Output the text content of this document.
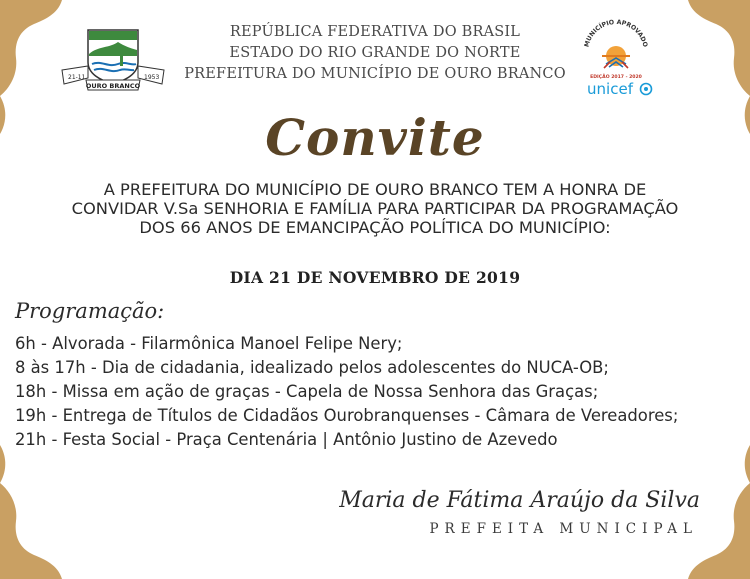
21-11
OURO BRANCO
1953
MUNICÍPIO APROVADO
EDIÇÃO 2017 - 2020
unicef
REPÚBLICA FEDERATIVA DO BRASIL
ESTADO DO RIO GRANDE DO NORTE
PREFEITURA DO MUNICÍPIO DE OURO BRANCO
Convite
A PREFEITURA DO MUNICÍPIO DE OURO BRANCO TEM A HONRA DE
CONVIDAR V.Sa SENHORIA E FAMÍLIA PARA PARTICIPAR DA PROGRAMAÇÃO
DOS 66 ANOS DE EMANCIPAÇÃO POLÍTICA DO MUNICÍPIO:
DIA 21 DE NOVEMBRO DE 2019
Programação:
6h - Alvorada - Filarmônica Manoel Felipe Nery;
8 às 17h - Dia de cidadania, idealizado pelos adolescentes do NUCA-OB;
18h - Missa em ação de graças - Capela de Nossa Senhora das Graças;
19h - Entrega de Títulos de Cidadãos Ourobranquenses - Câmara de Vereadores;
21h - Festa Social - Praça Centenária | Antônio Justino de Azevedo
Maria de Fátima Araújo da Silva
PREFEITA MUNICIPAL
